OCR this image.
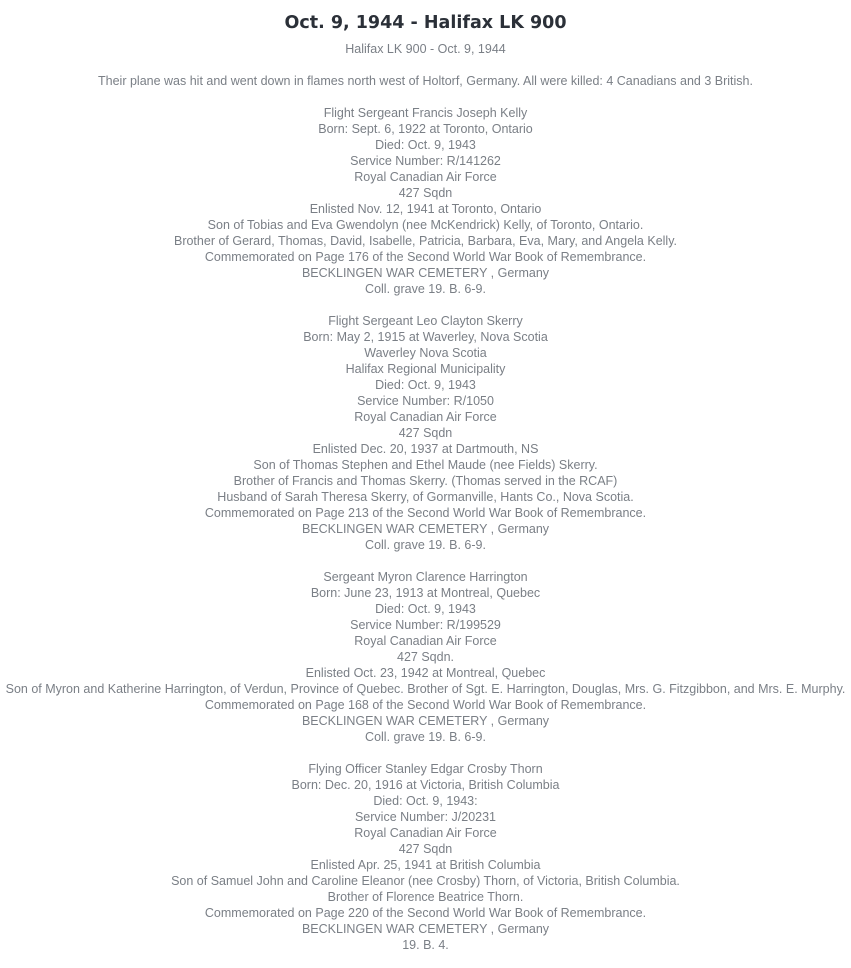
Oct. 9, 1944 - Halifax LK 900
Halifax LK 900 - Oct. 9, 1944
Their plane was hit and went down in flames north west of Holtorf, Germany. All were killed: 4 Canadians and 3 British.
Flight Sergeant Francis Joseph Kelly
Born: Sept. 6, 1922 at Toronto, Ontario
Died: Oct. 9, 1943
Service Number: R/141262
Royal Canadian Air Force
427 Sqdn
Enlisted Nov. 12, 1941 at Toronto, Ontario
Son of Tobias and Eva Gwendolyn (nee McKendrick) Kelly, of Toronto, Ontario.
Brother of Gerard, Thomas, David, Isabelle, Patricia, Barbara, Eva, Mary, and Angela Kelly.
Commemorated on Page 176 of the Second World War Book of Remembrance.
BECKLINGEN WAR CEMETERY , Germany
Coll. grave 19. B. 6-9.
Flight Sergeant Leo Clayton Skerry
Born: May 2, 1915 at Waverley, Nova Scotia
Waverley Nova Scotia
Halifax Regional Municipality
Died: Oct. 9, 1943
Service Number: R/1050
Royal Canadian Air Force
427 Sqdn
Enlisted Dec. 20, 1937 at Dartmouth, NS
Son of Thomas Stephen and Ethel Maude (nee Fields) Skerry.
Brother of Francis and Thomas Skerry. (Thomas served in the RCAF)
Husband of Sarah Theresa Skerry, of Gormanville, Hants Co., Nova Scotia.
Commemorated on Page 213 of the Second World War Book of Remembrance.
BECKLINGEN WAR CEMETERY , Germany
Coll. grave 19. B. 6-9.
Sergeant Myron Clarence Harrington
Born: June 23, 1913 at Montreal, Quebec
Died: Oct. 9, 1943
Service Number: R/199529
Royal Canadian Air Force
427 Sqdn.
Enlisted Oct. 23, 1942 at Montreal, Quebec
Son of Myron and Katherine Harrington, of Verdun, Province of Quebec. Brother of Sgt. E. Harrington, Douglas, Mrs. G. Fitzgibbon, and Mrs. E. Murphy.
Commemorated on Page 168 of the Second World War Book of Remembrance.
BECKLINGEN WAR CEMETERY , Germany
Coll. grave 19. B. 6-9.
Flying Officer Stanley Edgar Crosby Thorn
Born: Dec. 20, 1916 at Victoria, British Columbia
Died: Oct. 9, 1943:
Service Number: J/20231
Royal Canadian Air Force
427 Sqdn
Enlisted Apr. 25, 1941 at British Columbia
Son of Samuel John and Caroline Eleanor (nee Crosby) Thorn, of Victoria, British Columbia.
Brother of Florence Beatrice Thorn.
Commemorated on Page 220 of the Second World War Book of Remembrance.
BECKLINGEN WAR CEMETERY , Germany
19. B. 4.
